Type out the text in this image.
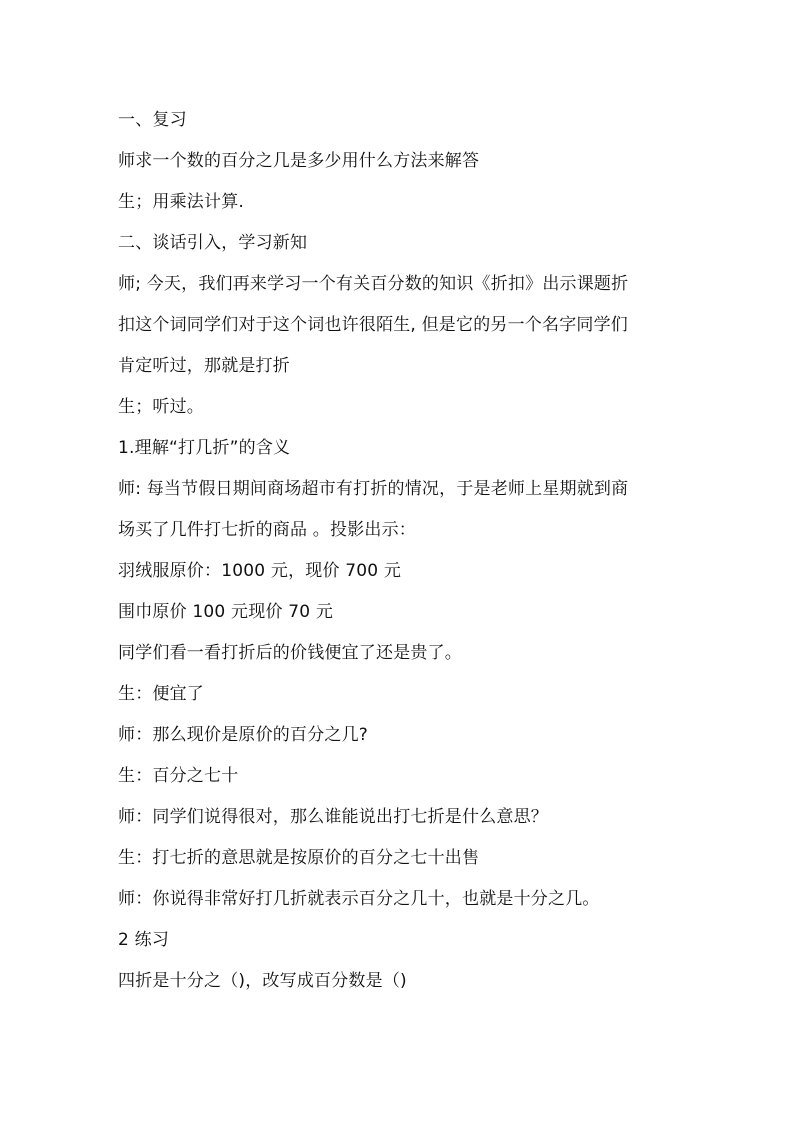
一、复习
师求一个数的百分之几是多少用什么方法来解答
生；用乘法计算.
二、谈话引入，学习新知
师; 今天，我们再来学习一个有关百分数的知识《折扣》出示课题折
扣这个词同学们对于这个词也许很陌生, 但是它的另一个名字同学们
肯定听过，那就是打折
生；听过。
1.理解“打几折”的含义
师: 每当节假日期间商场超市有打折的情况，于是老师上星期就到商
场买了几件打七折的商品 。投影出示：
羽绒服原价：1000 元，现价 700 元
围巾原价 100 元现价 70 元
同学们看一看打折后的价钱便宜了还是贵了。
生：便宜了
师：那么现价是原价的百分之几?
生：百分之七十
师：同学们说得很对，那么谁能说出打七折是什么意思？
生：打七折的意思就是按原价的百分之七十出售
师：你说得非常好打几折就表示百分之几十，也就是十分之几。
2 练习
四折是十分之（)，改写成百分数是（)
